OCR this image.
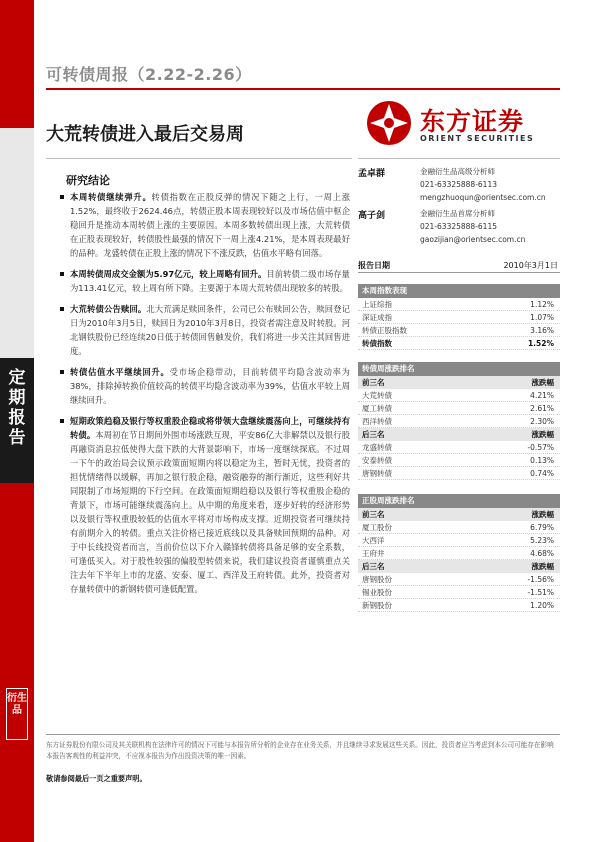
定期报告
衍生品
可转债周报（2.22-2.26）
大荒转债进入最后交易周	东方证券
ORIENT SECURITIES
研究结论

本周转债继续弹升。转债指数在正股反弹的情况下随之上行，一周上涨1.52%，最终收于2624.46点，转债正股本周表现较好以及市场估值中枢企稳回升是推动本周转债上涨的主要原因。本周多数转债出现上涨，大荒转债在正股表现较好，转债股性最强的情况下一周上涨4.21%，是本周表现最好的品种。龙盛转债在正股上涨的情况下不涨反跌，估值水平略有回落。

本周转债周成交金额为5.97亿元，较上周略有回升。目前转债二级市场存量为113.41亿元，较上周有所下降。主要源于本周大荒转债出现较多的转股。

大荒转债公告赎回。北大荒满足赎回条件，公司已公布赎回公告，赎回登记日为2010年3月5日，赎回日为2010年3月8日，投资者需注意及时转股。河北钢铁股份已经连续20日低于转债回售触发价，我们将进一步关注其回售进度。

转债估值水平继续回升。受市场企稳带动，目前转债平均隐含波动率为38%，排除掉转换价值较高的转债平均隐含波动率为39%，估值水平较上周继续回升。

短期政策趋稳及银行等权重股企稳或将带领大盘继续震荡向上，可继续持有转债。本周初在节日期间外围市场涨跌互现，平安86亿大非解禁以及银行股再融资消息拉低使得大盘下跌的大背景影响下，市场一度继续探底。不过周一下午的政治局会议预示政策面短期内将以稳定为主，暂时无忧，投资者的担忧情绪得以缓解，再加之银行股企稳，融资融券的渐行渐近，这些利好共同限制了市场短期的下行空间。在政策面短期趋稳以及银行等权重股企稳的背景下，市场可能继续震荡向上。从中期的角度来看，逐步好转的经济形势以及银行等权重股较低的估值水平将对市场构成支撑。近期投资者可继续持有前期介入的转债。重点关注价格已接近底线以及具备赎回预期的品种。对于中长线投资者而言，当前价位以下介入赣锋转债将具备足够的安全系数，可逢低买入。对于股性较强的偏股型转债来说，我们建议投资者谨慎重点关注去年下半年上市的龙盛、安泰、厦工、西洋及王府转债。此外，投资者对存量转债中的新钢转债可逢低配置。

孟卓群	金融衍生品高级分析师
021-63325888-6113
mengzhuoqun@orientsec.com.cn
高子剑	金融衍生品首席分析师
021-63325888-6115
gaozijian@orientsec.com.cn
报告日期	2010年3月1日
本周指数表现
上证综指	1.12%
深证成指	1.07%
转债正股指数	3.16%
转债指数	1.52%
转债周涨跌排名
前三名	涨跌幅
大荒转债	4.21%
厦工转债	2.61%
西洋转债	2.30%
后三名	涨跌幅
龙盛转债	-0.57%
安泰转债	0.13%
唐钢转债	0.74%
正股周涨跌排名
前三名	涨跌幅
厦工股份	6.79%
大西洋	5.23%
王府井	4.68%
后三名	涨跌幅
唐钢股份	-1.56%
锡业股份	-1.51%
新钢股份	1.20%
东方证券股份有限公司及其关联机构在法律许可的情况下可能与本报告所分析的企业存在业务关系，并且继续寻求发展这些关系。因此，投资者应当考虑到本公司可能存在影响本报告客观性的利益冲突，不应视本报告为作出投资决策的唯一因素。
敬请参阅最后一页之重要声明。
